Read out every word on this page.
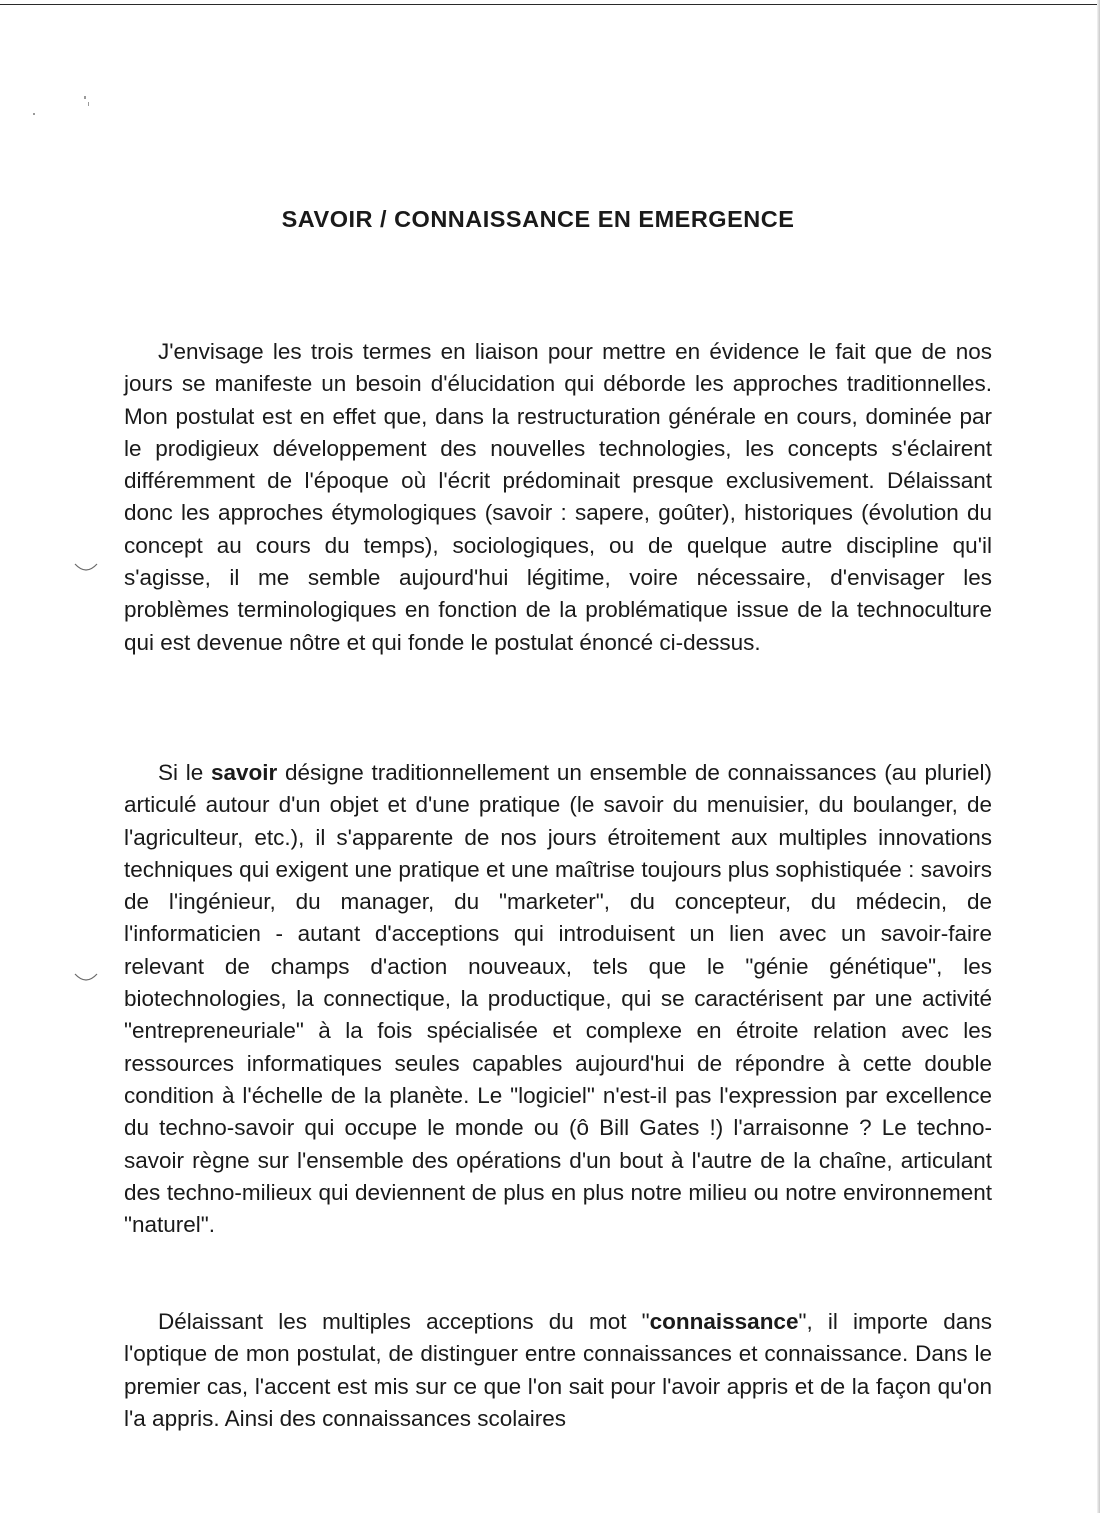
SAVOIR / CONNAISSANCE EN EMERGENCE

J'envisage les trois termes en liaison pour mettre en évidence le fait que de nos jours se manifeste un besoin d'élucidation qui déborde les approches traditionnelles. Mon postulat est en effet que, dans la restructuration générale en cours, dominée par le prodigieux développement des nouvelles technologies, les concepts s'éclairent différemment de l'époque où l'écrit prédominait presque exclusivement. Délaissant donc les approches étymologiques (savoir : sapere, goûter), historiques (évolution du concept au cours du temps), sociologiques, ou de quelque autre discipline qu'il s'agisse, il me semble aujourd'hui légitime, voire nécessaire, d'envisager les problèmes terminologiques en fonction de la problématique issue de la technoculture qui est devenue nôtre et qui fonde le postulat énoncé ci-dessus.

Si le savoir désigne traditionnellement un ensemble de connaissances (au pluriel) articulé autour d'un objet et d'une pratique (le savoir du menuisier, du boulanger, de l'agriculteur, etc.), il s'apparente de nos jours étroitement aux multiples innovations techniques qui exigent une pratique et une maîtrise toujours plus sophistiquée : savoirs de l'ingénieur, du manager, du "marketer", du concepteur, du médecin, de l'informaticien - autant d'acceptions qui introduisent un lien avec un savoir-faire relevant de champs d'action nouveaux, tels que le "génie génétique", les biotechnologies, la connectique, la productique, qui se caractérisent par une activité "entrepreneuriale" à la fois spécialisée et complexe en étroite relation avec les ressources informatiques seules capables aujourd'hui de répondre à cette double condition à l'échelle de la planète. Le "logiciel" n'est-il pas l'expression par excellence du techno-savoir qui occupe le monde ou (ô Bill Gates !) l'arraisonne ? Le techno-savoir règne sur l'ensemble des opérations d'un bout à l'autre de la chaîne, articulant des techno-milieux qui deviennent de plus en plus notre milieu ou notre environnement "naturel".

Délaissant les multiples acceptions du mot "connaissance", il importe dans l'optique de mon postulat, de distinguer entre connaissances et connaissance. Dans le premier cas, l'accent est mis sur ce que l'on sait pour l'avoir appris et de la façon qu'on l'a appris. Ainsi des connaissances scolaires
